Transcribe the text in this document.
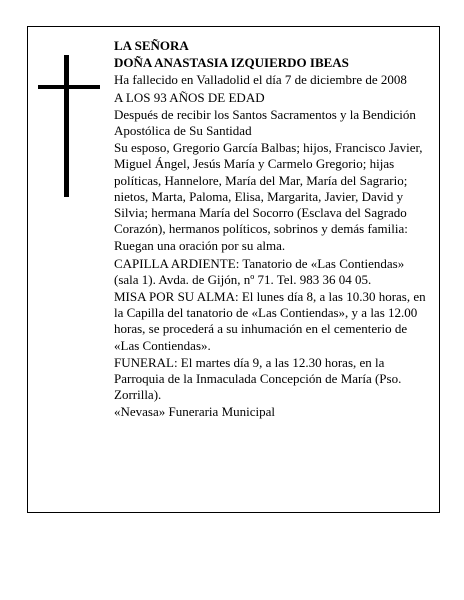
LA SEÑORA

DOÑA ANASTASIA IZQUIERDO IBEAS

Ha fallecido en Valladolid el día 7 de diciembre de 2008

A LOS 93 AÑOS DE EDAD

Después de recibir los Santos Sacramentos y la Bendición Apostólica de Su Santidad

Su esposo, Gregorio García Balbas; hijos, Francisco Javier, Miguel Ángel, Jesús María y Carmelo Gregorio; hijas políticas, Hannelore, María del Mar, María del Sagrario; nietos, Marta, Paloma, Elisa, Margarita, Javier, David y Silvia; hermana María del Socorro (Esclava del Sagrado Corazón), hermanos políticos, sobrinos y demás familia:

Ruegan una oración por su alma.

CAPILLA ARDIENTE: Tanatorio de «Las Contiendas» (sala 1). Avda. de Gijón, nº 71. Tel. 983 36 04 05.

MISA POR SU ALMA: El lunes día 8, a las 10.30 horas, en la Capilla del tanatorio de «Las Contiendas», y a las 12.00 horas, se procederá a su inhumación en el cementerio de «Las Contiendas».

FUNERAL: El martes día 9, a las 12.30 horas, en la Parroquia de la Inmaculada Concepción de María (Pso. Zorrilla).

«Nevasa» Funeraria Municipal
